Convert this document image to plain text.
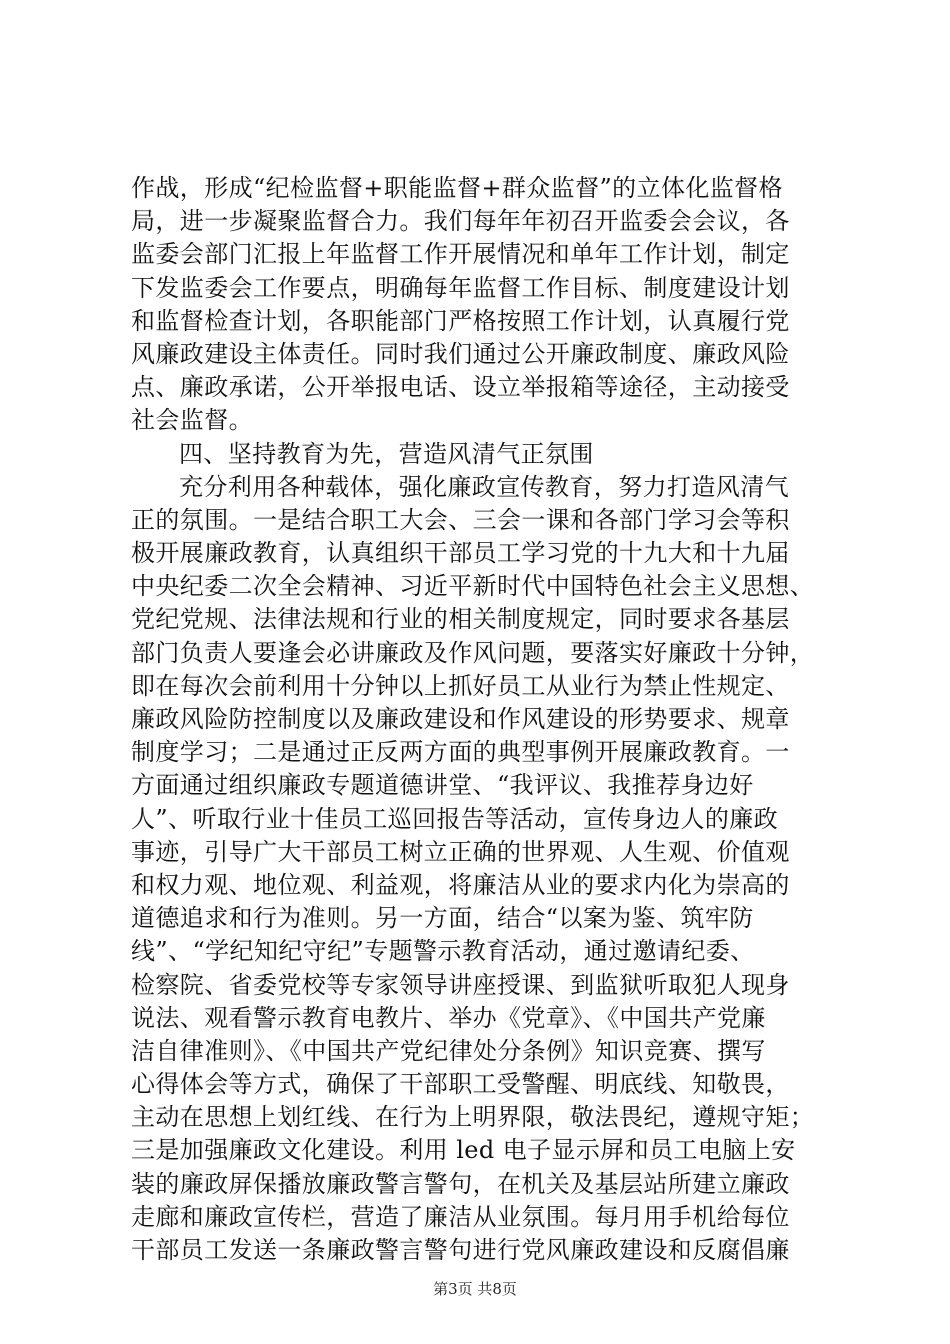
作战，形成“纪检监督+职能监督+群众监督”的立体化监督格
局，进一步凝聚监督合力。我们每年年初召开监委会会议，各
监委会部门汇报上年监督工作开展情况和单年工作计划，制定
下发监委会工作要点，明确每年监督工作目标、制度建设计划
和监督检查计划，各职能部门严格按照工作计划，认真履行党
风廉政建设主体责任。同时我们通过公开廉政制度、廉政风险
点、廉政承诺，公开举报电话、设立举报箱等途径，主动接受
社会监督。
四、坚持教育为先，营造风清气正氛围
充分利用各种载体，强化廉政宣传教育，努力打造风清气
正的氛围。一是结合职工大会、三会一课和各部门学习会等积
极开展廉政教育，认真组织干部员工学习党的十九大和十九届
中央纪委二次全会精神、习近平新时代中国特色社会主义思想、
党纪党规、法律法规和行业的相关制度规定，同时要求各基层
部门负责人要逢会必讲廉政及作风问题，要落实好廉政十分钟，
即在每次会前利用十分钟以上抓好员工从业行为禁止性规定、
廉政风险防控制度以及廉政建设和作风建设的形势要求、规章
制度学习；二是通过正反两方面的典型事例开展廉政教育。一
方面通过组织廉政专题道德讲堂、“我评议、我推荐身边好
人”、听取行业十佳员工巡回报告等活动，宣传身边人的廉政
事迹，引导广大干部员工树立正确的世界观、人生观、价值观
和权力观、地位观、利益观，将廉洁从业的要求内化为崇高的
道德追求和行为准则。另一方面，结合“以案为鉴、筑牢防
线”、“学纪知纪守纪”专题警示教育活动，通过邀请纪委、
检察院、省委党校等专家领导讲座授课、到监狱听取犯人现身
说法、观看警示教育电教片、举办《党章》、《中国共产党廉
洁自律准则》、《中国共产党纪律处分条例》知识竞赛、撰写
心得体会等方式，确保了干部职工受警醒、明底线、知敬畏，
主动在思想上划红线、在行为上明界限，敬法畏纪，遵规守矩；
三是加强廉政文化建设。利用 led 电子显示屏和员工电脑上安
装的廉政屏保播放廉政警言警句，在机关及基层站所建立廉政
走廊和廉政宣传栏，营造了廉洁从业氛围。每月用手机给每位
干部员工发送一条廉政警言警句进行党风廉政建设和反腐倡廉
第3页 共8页
